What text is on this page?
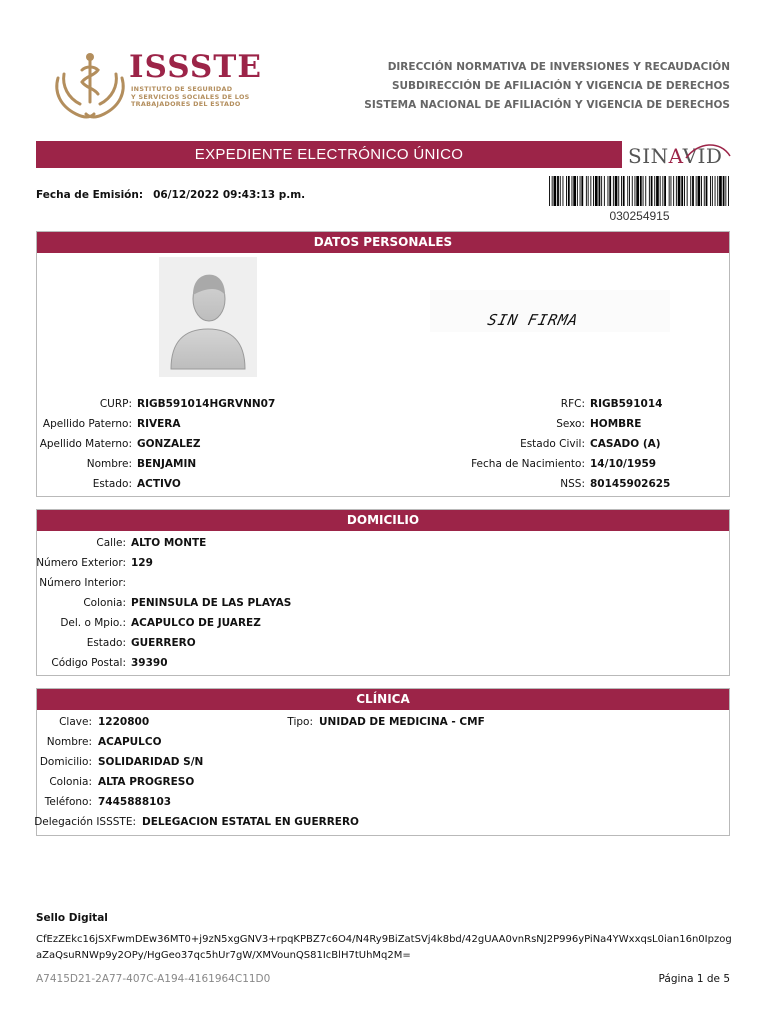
ISSSTE
INSTITUTO DE SEGURIDAD
Y SERVICIOS SOCIALES DE LOS
TRABAJADORES DEL ESTADO
DIRECCIÓN NORMATIVA DE INVERSIONES Y RECAUDACIÓN
SUBDIRECCIÓN DE AFILIACIÓN Y VIGENCIA DE DERECHOS
SISTEMA NACIONAL DE AFILIACIÓN Y VIGENCIA DE DERECHOS
EXPEDIENTE ELECTRÓNICO ÚNICO	SINAVID
Fecha de Emisión: 06/12/2022 09:43:13 p.m.
030254915
DATOS PERSONALES
SIN FIRMA
CURP: RIGB591014HGRVNN07
Apellido Paterno: RIVERA
Apellido Materno: GONZALEZ
Nombre: BENJAMIN
Estado: ACTIVO
RFC: RIGB591014
Sexo: HOMBRE
Estado Civil: CASADO (A)
Fecha de Nacimiento: 14/10/1959
NSS: 80145902625
DOMICILIO
Calle: ALTO MONTE
Número Exterior: 129
Número Interior:
Colonia: PENINSULA DE LAS PLAYAS
Del. o Mpio.: ACAPULCO DE JUAREZ
Estado: GUERRERO
Código Postal: 39390
CLÍNICA
Clave: 1220800	Tipo: UNIDAD DE MEDICINA - CMF
Nombre: ACAPULCO
Domicilio: SOLIDARIDAD S/N
Colonia: ALTA PROGRESO
Teléfono: 7445888103
Delegación ISSSTE: DELEGACION ESTATAL EN GUERRERO
Sello Digital
CfEzZEkc16jSXFwmDEw36MT0+j9zN5xgGNV3+rpqKPBZ7c6O4/N4Ry9BiZatSVj4k8bd/42gUAA0vnRsNJ2P996yPiNa4YWxxqsL0ian16n0Ipzog
aZaQsuRNWp9y2OPy/HgGeo37qc5hUr7gW/XMVounQS81IcBlH7tUhMq2M=
A7415D21-2A77-407C-A194-4161964C11D0	Página 1 de 5
